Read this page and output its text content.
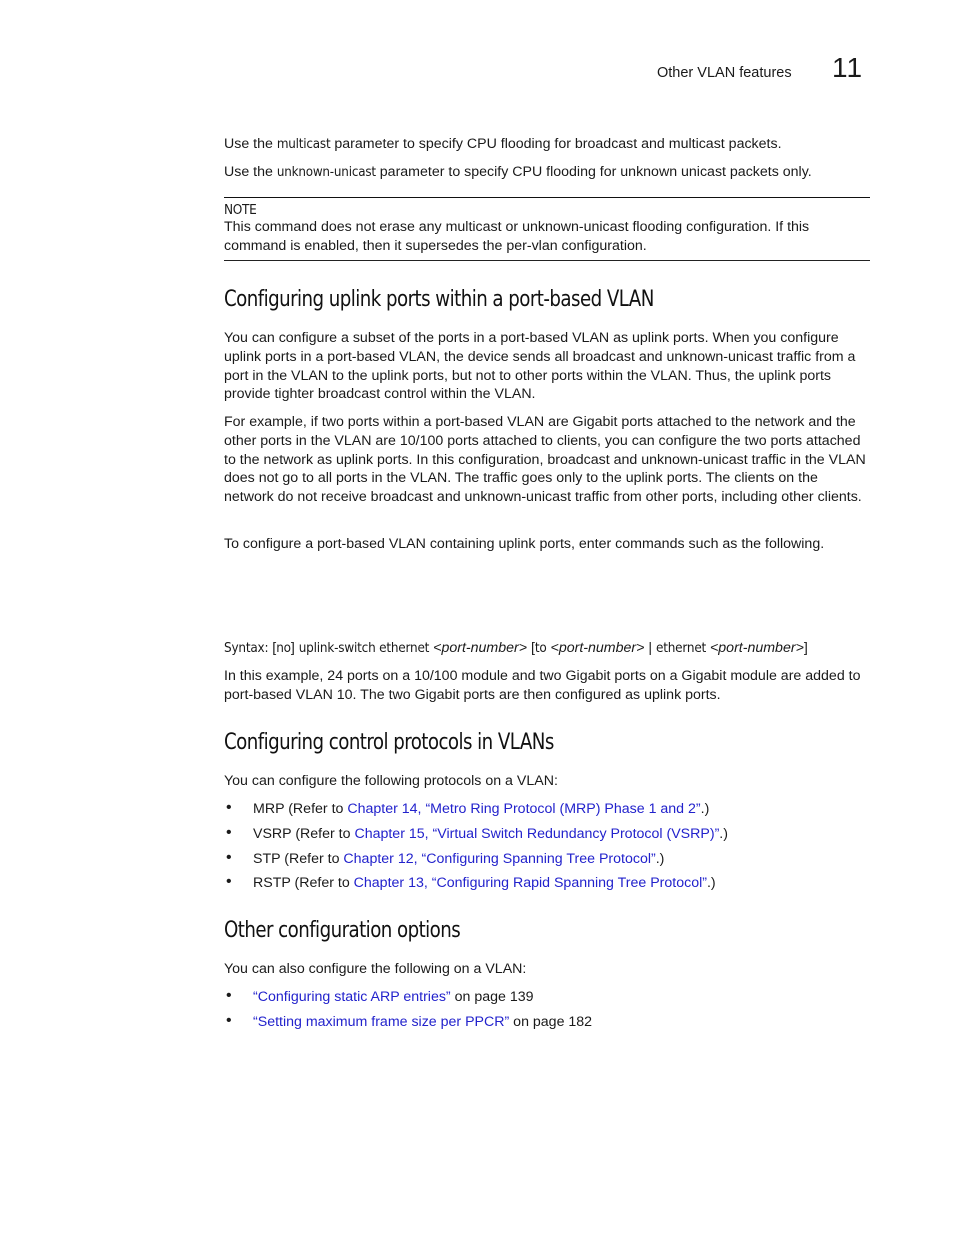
Other VLAN features 11

Use the multicast parameter to specify CPU flooding for broadcast and multicast packets.

Use the unknown-unicast parameter to specify CPU flooding for unknown unicast packets only.

NOTE

This command does not erase any multicast or unknown-unicast flooding configuration. If this command is enabled, then it supersedes the per-vlan configuration.

Configuring uplink ports within a port-based VLAN

You can configure a subset of the ports in a port-based VLAN as uplink ports. When you configure uplink ports in a port-based VLAN, the device sends all broadcast and unknown-unicast traffic from a port in the VLAN to the uplink ports, but not to other ports within the VLAN. Thus, the uplink ports provide tighter broadcast control within the VLAN.

For example, if two ports within a port-based VLAN are Gigabit ports attached to the network and the other ports in the VLAN are 10/100 ports attached to clients, you can configure the two ports attached to the network as uplink ports. In this configuration, broadcast and unknown-unicast traffic in the VLAN does not go to all ports in the VLAN. The traffic goes only to the uplink ports. The clients on the network do not receive broadcast and unknown-unicast traffic from other ports, including other clients.

To configure a port-based VLAN containing uplink ports, enter commands such as the following.

Syntax: [no] uplink-switch ethernet <port-number> [to <port-number> | ethernet <port-number>]

In this example, 24 ports on a 10/100 module and two Gigabit ports on a Gigabit module are added to port-based VLAN 10. The two Gigabit ports are then configured as uplink ports.

Configuring control protocols in VLANs

You can configure the following protocols on a VLAN:

• MRP (Refer to Chapter 14, “Metro Ring Protocol (MRP) Phase 1 and 2”.)
• VSRP (Refer to Chapter 15, “Virtual Switch Redundancy Protocol (VSRP)”.)
• STP (Refer to Chapter 12, “Configuring Spanning Tree Protocol”.)
• RSTP (Refer to Chapter 13, “Configuring Rapid Spanning Tree Protocol”.)
Other configuration options

You can also configure the following on a VLAN:

• “Configuring static ARP entries” on page 139
• “Setting maximum frame size per PPCR” on page 182
